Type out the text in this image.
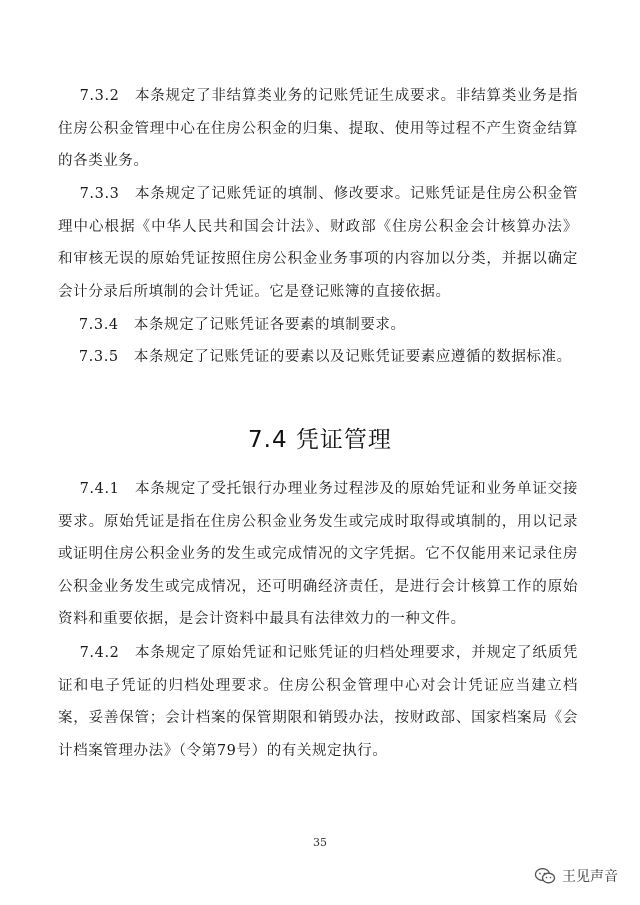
7.3.2　本条规定了非结算类业务的记账凭证生成要求。非结算类业务是指住房公积金管理中心在住房公积金的归集、提取、使用等过程不产生资金结算的各类业务。
7.3.3　本条规定了记账凭证的填制、修改要求。记账凭证是住房公积金管理中心根据《中华人民共和国会计法》、财政部《住房公积金会计核算办法》和审核无误的原始凭证按照住房公积金业务事项的内容加以分类，并据以确定会计分录后所填制的会计凭证。它是登记账簿的直接依据。
7.3.4　本条规定了记账凭证各要素的填制要求。
7.3.5　本条规定了记账凭证的要素以及记账凭证要素应遵循的数据标准。
7.4 凭证管理
7.4.1　本条规定了受托银行办理业务过程涉及的原始凭证和业务单证交接要求。原始凭证是指在住房公积金业务发生或完成时取得或填制的，用以记录或证明住房公积金业务的发生或完成情况的文字凭据。它不仅能用来记录住房公积金业务发生或完成情况，还可明确经济责任，是进行会计核算工作的原始资料和重要依据，是会计资料中最具有法律效力的一种文件。
7.4.2　本条规定了原始凭证和记账凭证的归档处理要求，并规定了纸质凭证和电子凭证的归档处理要求。住房公积金管理中心对会计凭证应当建立档案，妥善保管；会计档案的保管期限和销毁办法，按财政部、国家档案局《会计档案管理办法》（令第79号）的有关规定执行。
35
王见声音
